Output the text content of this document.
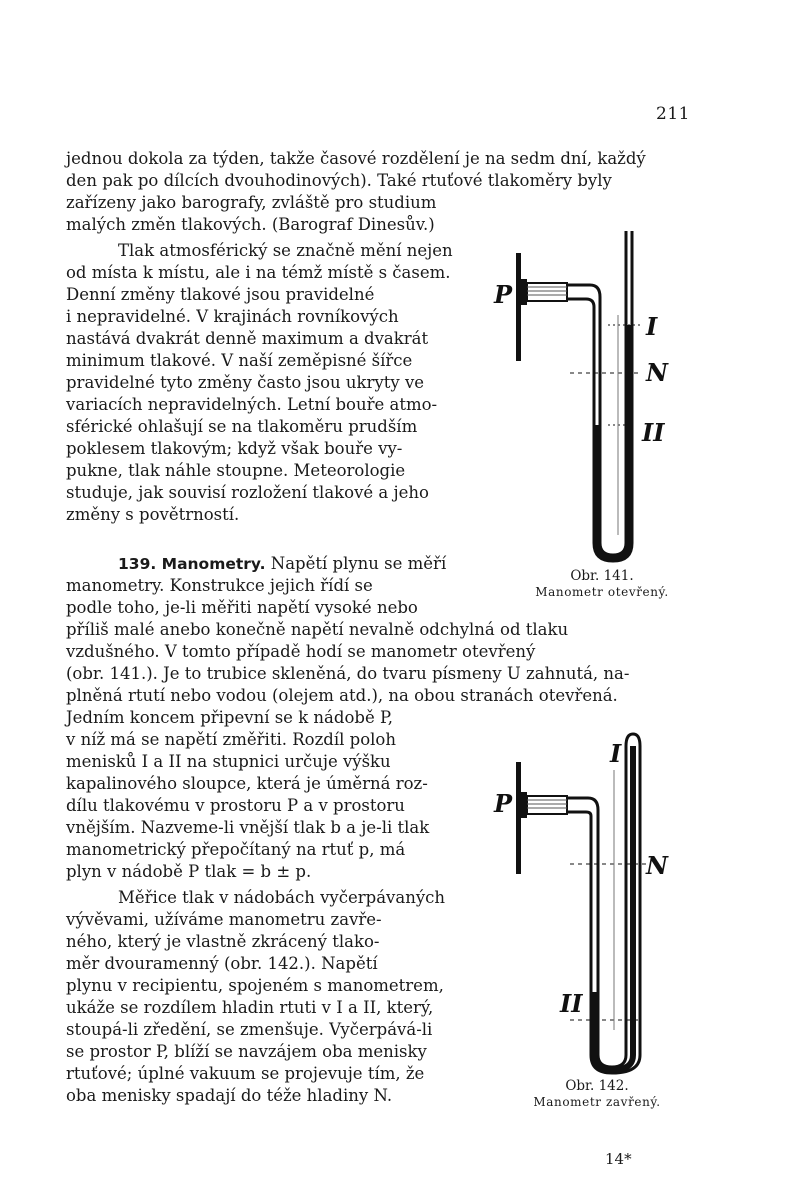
211
jednou dokola za týden, takže časové rozdělení je na sedm dní, každý
den pak po dílcích dvouhodinových). Také rtuťové tlakoměry byly
zařízeny jako barografy, zvláště pro studium
malých změn tlakových. (Barograf Dinesův.)
Tlak atmosférický se značně mění nejen
od místa k místu, ale i na témž místě s časem.
Denní změny tlakové jsou pravidelné
i nepravidelné. V krajinách rovníkových
nastává dvakrát denně maximum a dvakrát
minimum tlakové. V naší zeměpisné šířce
pravidelné tyto změny často jsou ukryty ve
variacích nepravidelných. Letní bouře atmo-
sférické ohlašují se na tlakoměru prudším
poklesem tlakovým; když však bouře vy-
pukne, tlak náhle stoupne. Meteorologie
studuje, jak souvisí rozložení tlakové a jeho
změny s povětrností.
139. Manometry. Napětí plynu se měří
manometry. Konstrukce jejich řídí se
podle toho, je-li měřiti napětí vysoké nebo
příliš malé anebo konečně napětí nevalně odchylná od tlaku
vzdušného. V tomto případě hodí se manometr otevřený
(obr. 141.). Je to trubice skleněná, do tvaru písmeny U zahnutá, na-
plněná rtutí nebo vodou (olejem atd.), na obou stranách otevřená.
Jedním koncem připevní se k nádobě P,
v níž má se napětí změřiti. Rozdíl poloh
menisků I a II na stupnici určuje výšku
kapalinového sloupce, která je úměrná roz-
dílu tlakovému v prostoru P a v prostoru
vnějším. Nazveme-li vnější tlak b a je-li tlak
manometrický přepočítaný na rtuť p, má
plyn v nádobě P tlak = b ± p.
Měřice tlak v nádobách vyčerpávaných
vývěvami, užíváme manometru zavře-
ného, který je vlastně zkrácený tlako-
měr dvouramenný (obr. 142.). Napětí
plynu v recipientu, spojeném s manometrem,
ukáže se rozdílem hladin rtuti v I a II, který,
stoupá-li zředění, se zmenšuje. Vyčerpává-li
se prostor P, blíží se navzájem oba menisky
rtuťové; úplné vakuum se projevuje tím, že
oba menisky spadají do téže hladiny N.
P
I
N
II
Obr. 141.
Manometr otevřený.
P
I
N
II
Obr. 142.
Manometr zavřený.
14*
